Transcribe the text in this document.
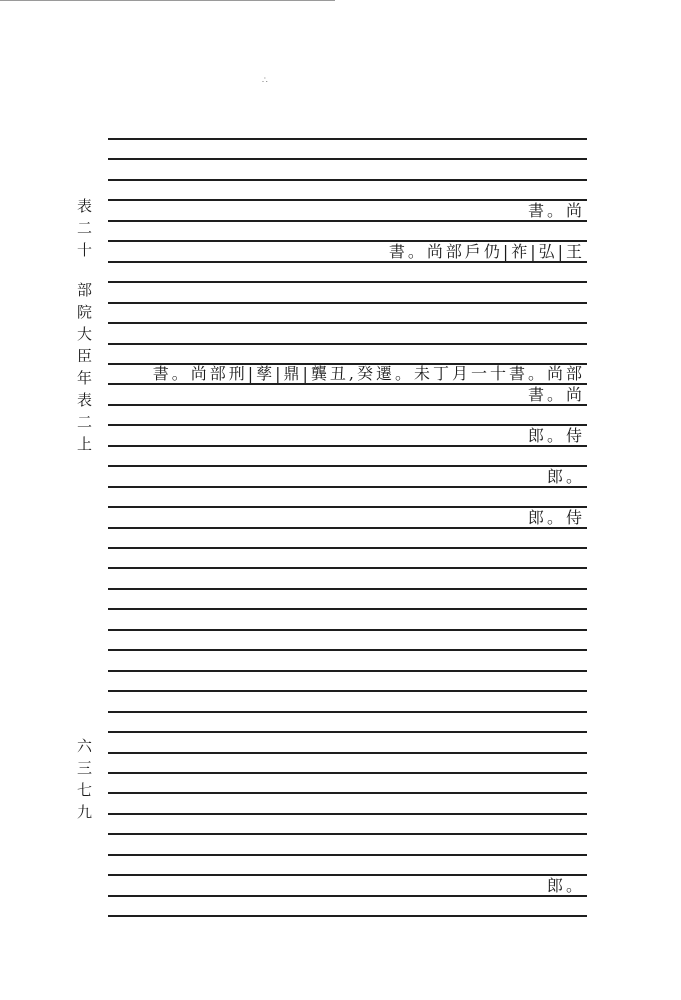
∴
表二十
部院大臣年表二上
六三七九
書。尚
書。尚部戶仍|祚|弘|王
書。尚部刑|孳|鼎|龔丑,癸遷。未丁月一十書。尚部
書。尚
郎。侍
郎。
郎。侍
郎。
